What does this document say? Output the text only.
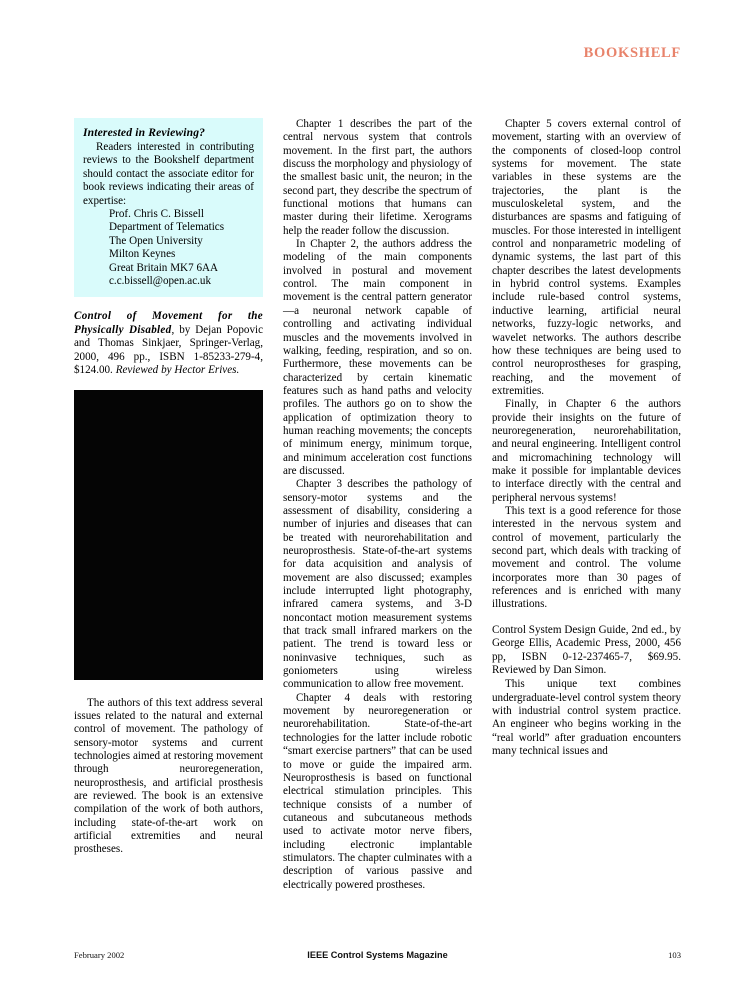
BOOKSHELF
Interested in Reviewing?

Readers interested in contributing reviews to the Bookshelf department should contact the associate editor for book reviews indicating their areas of expertise:

Prof. Chris C. Bissell

Department of Telematics

The Open University

Milton Keynes

Great Britain MK7 6AA

c.c.bissell@open.ac.uk

Control of Movement for the Physically Disabled, by Dejan Popovic and Thomas Sinkjaer, Springer-Verlag, 2000, 496 pp., ISBN 1-85233-279-4, $124.00. Reviewed by Hector Erives.

The authors of this text address several issues related to the natural and external control of movement. The pathology of sensory-motor systems and current technologies aimed at restoring movement through neuroregeneration, neuroprosthesis, and artificial prosthesis are reviewed. The book is an extensive compilation of the work of both authors, including state-of-the-art work on artificial extremities and neural prostheses.

Chapter 1 describes the part of the central nervous system that controls movement. In the first part, the authors discuss the morphology and physiology of the smallest basic unit, the neuron; in the second part, they describe the spectrum of functional motions that humans can master during their lifetime. Xerograms help the reader follow the discussion.

In Chapter 2, the authors address the modeling of the main components involved in postural and movement control. The main component in movement is the central pattern generator—a neuronal network capable of controlling and activating individual muscles and the movements involved in walking, feeding, respiration, and so on. Furthermore, these movements can be characterized by certain kinematic features such as hand paths and velocity profiles. The authors go on to show the application of optimization theory to human reaching movements; the concepts of minimum energy, minimum torque, and minimum acceleration cost functions are discussed.

Chapter 3 describes the pathology of sensory-motor systems and the assessment of disability, considering a number of injuries and diseases that can be treated with neurorehabilitation and neuroprosthesis. State-of-the-art systems for data acquisition and analysis of movement are also discussed; examples include interrupted light photography, infrared camera systems, and 3-D noncontact motion measurement systems that track small infrared markers on the patient. The trend is toward less or noninvasive techniques, such as goniometers using wireless communication to allow free movement.

Chapter 4 deals with restoring movement by neuroregeneration or neurorehabilitation. State-of-the-art technologies for the latter include robotic “smart exercise partners” that can be used to move or guide the impaired arm. Neuroprosthesis is based on functional electrical stimulation principles. This technique consists of a number of cutaneous and subcutaneous methods used to activate motor nerve fibers, including electronic implantable stimulators. The chapter culminates with a description of various passive and electrically powered prostheses.

Chapter 5 covers external control of movement, starting with an overview of the components of closed-loop control systems for movement. The state variables in these systems are the trajectories, the plant is the musculoskeletal system, and the disturbances are spasms and fatiguing of muscles. For those interested in intelligent control and nonparametric modeling of dynamic systems, the last part of this chapter describes the latest developments in hybrid control systems. Examples include rule-based control systems, inductive learning, artificial neural networks, fuzzy-logic networks, and wavelet networks. The authors describe how these techniques are being used to control neuroprostheses for grasping, reaching, and the movement of extremities.

Finally, in Chapter 6 the authors provide their insights on the future of neuroregeneration, neurorehabilitation, and neural engineering. Intelligent control and micromachining technology will make it possible for implantable devices to interface directly with the central and peripheral nervous systems!

This text is a good reference for those interested in the nervous system and control of movement, particularly the second part, which deals with tracking of movement and control. The volume incorporates more than 30 pages of references and is enriched with many illustrations.

Control System Design Guide, 2nd ed., by George Ellis, Academic Press, 2000, 456 pp, ISBN 0-12-237465-7, $69.95. Reviewed by Dan Simon.

This unique text combines undergraduate-level control system theory with industrial control system practice. An engineer who begins working in the “real world” after graduation encounters many technical issues and

February 2002	IEEE Control Systems Magazine	103
